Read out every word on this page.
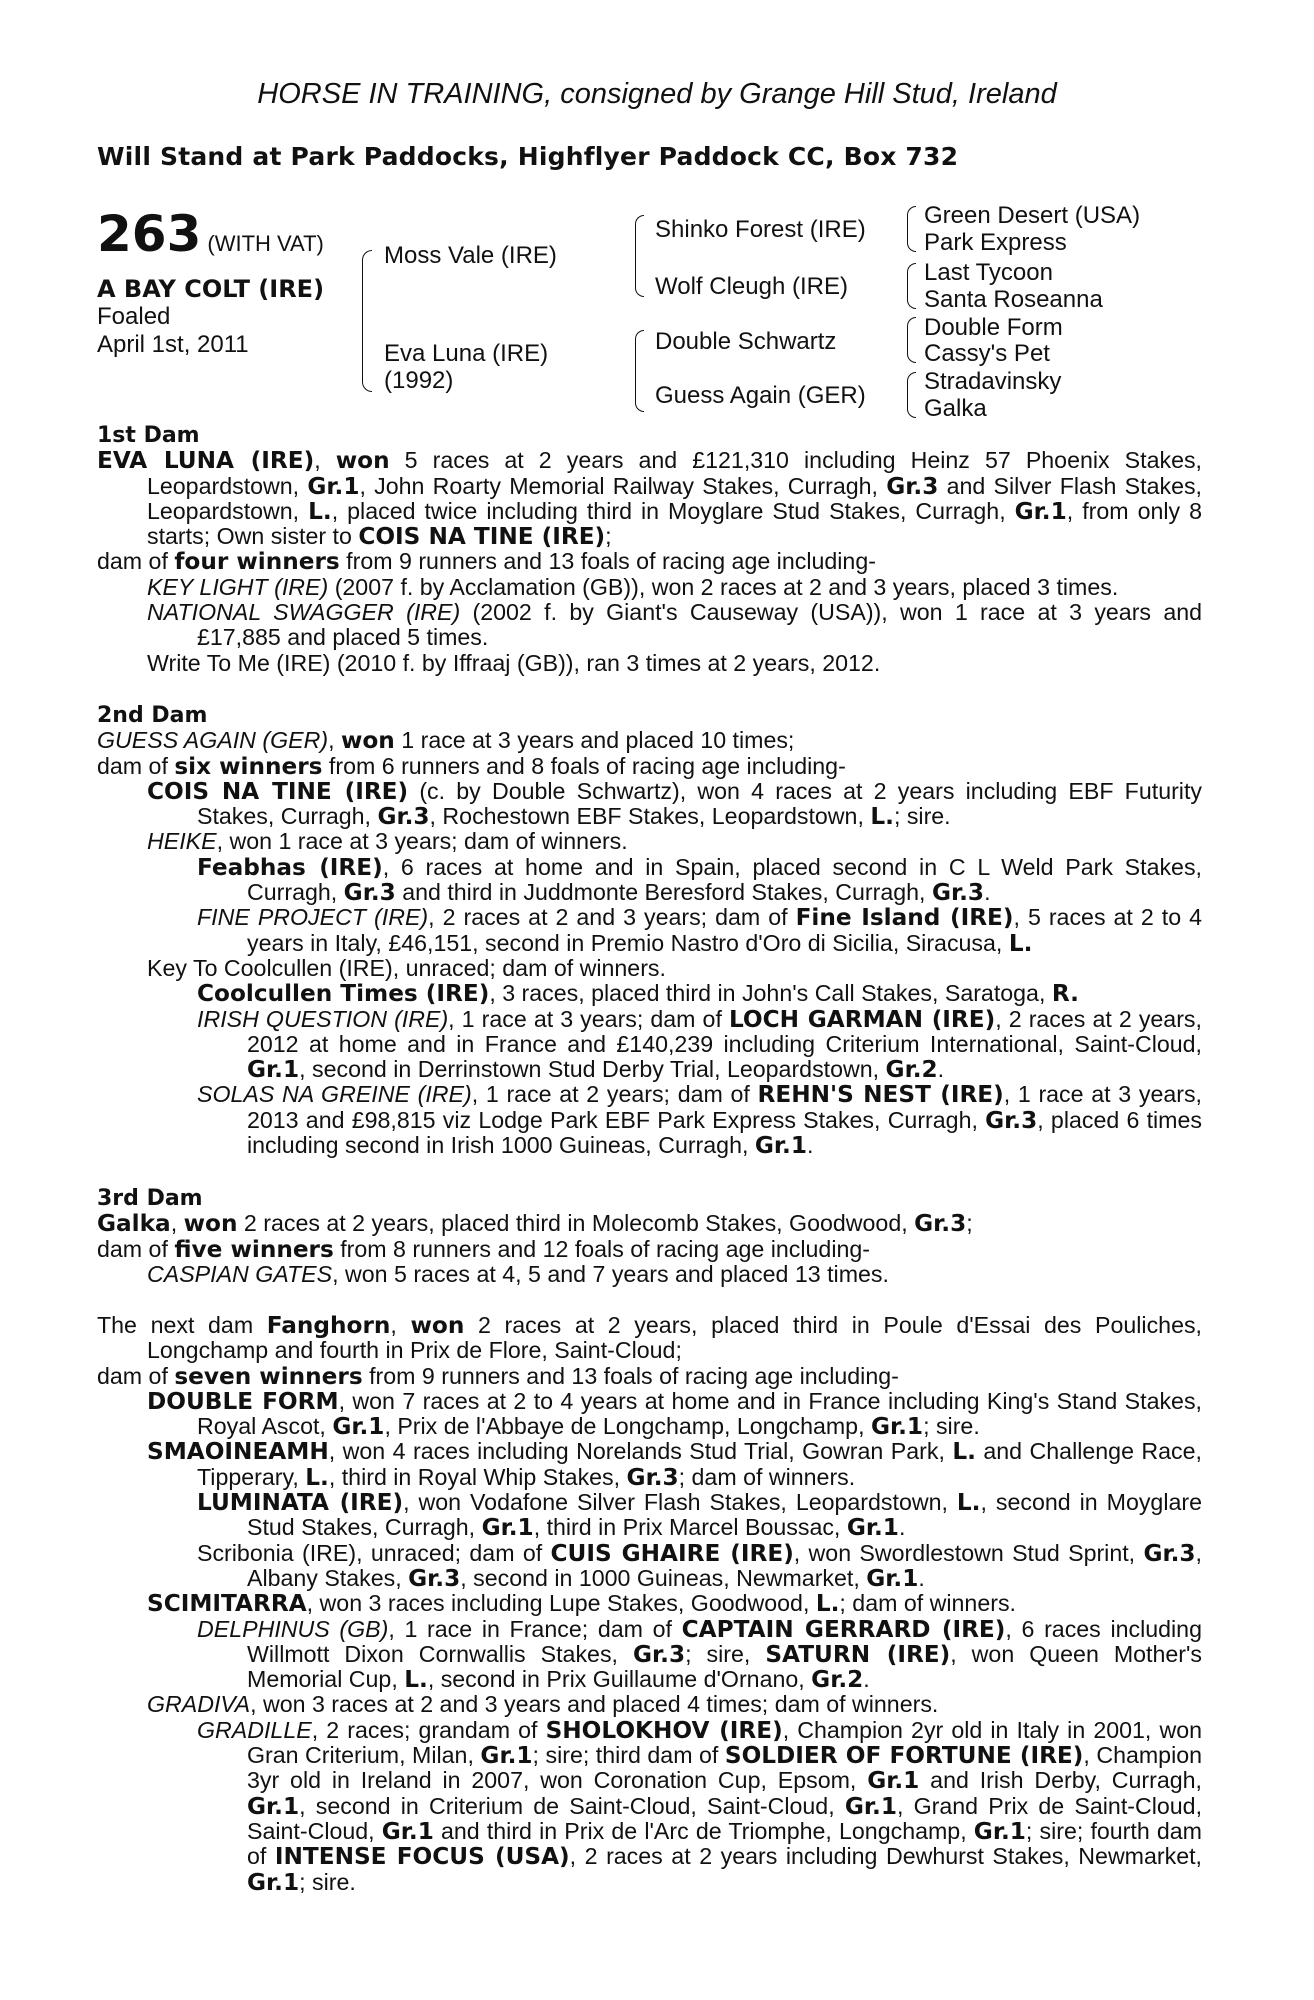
HORSE IN TRAINING, consigned by Grange Hill Stud, Ireland
Will Stand at Park Paddocks, Highflyer Paddock CC, Box 732
263 (WITH VAT)
A BAY COLT (IRE)
Foaled
April 1st, 2011
Moss Vale (IRE)
Eva Luna (IRE)
(1992)
Shinko Forest (IRE)
Wolf Cleugh (IRE)
Double Schwartz
Guess Again (GER)
Green Desert (USA)
Park Express
Last Tycoon
Santa Roseanna
Double Form
Cassy's Pet
Stradavinsky
Galka

1st Dam

EVA LUNA (IRE), won 5 races at 2 years and £121,310 including Heinz 57 Phoenix Stakes, Leopardstown, Gr.1, John Roarty Memorial Railway Stakes, Curragh, Gr.3 and Silver Flash Stakes, Leopardstown, L., placed twice including third in Moyglare Stud Stakes, Curragh, Gr.1, from only 8 starts; Own sister to COIS NA TINE (IRE);

dam of four winners from 9 runners and 13 foals of racing age including-

KEY LIGHT (IRE) (2007 f. by Acclamation (GB)), won 2 races at 2 and 3 years, placed 3 times.

NATIONAL SWAGGER (IRE) (2002 f. by Giant's Causeway (USA)), won 1 race at 3 years and £17,885 and placed 5 times.

Write To Me (IRE) (2010 f. by Iffraaj (GB)), ran 3 times at 2 years, 2012.

2nd Dam

GUESS AGAIN (GER), won 1 race at 3 years and placed 10 times;

dam of six winners from 6 runners and 8 foals of racing age including-

COIS NA TINE (IRE) (c. by Double Schwartz), won 4 races at 2 years including EBF Futurity Stakes, Curragh, Gr.3, Rochestown EBF Stakes, Leopardstown, L.; sire.

HEIKE, won 1 race at 3 years; dam of winners.

Feabhas (IRE), 6 races at home and in Spain, placed second in C L Weld Park Stakes, Curragh, Gr.3 and third in Juddmonte Beresford Stakes, Curragh, Gr.3.

FINE PROJECT (IRE), 2 races at 2 and 3 years; dam of Fine Island (IRE), 5 races at 2 to 4 years in Italy, £46,151, second in Premio Nastro d'Oro di Sicilia, Siracusa, L.

Key To Coolcullen (IRE), unraced; dam of winners.

Coolcullen Times (IRE), 3 races, placed third in John's Call Stakes, Saratoga, R.

IRISH QUESTION (IRE), 1 race at 3 years; dam of LOCH GARMAN (IRE), 2 races at 2 years, 2012 at home and in France and £140,239 including Criterium International, Saint-Cloud, Gr.1, second in Derrinstown Stud Derby Trial, Leopardstown, Gr.2.

SOLAS NA GREINE (IRE), 1 race at 2 years; dam of REHN'S NEST (IRE), 1 race at 3 years, 2013 and £98,815 viz Lodge Park EBF Park Express Stakes, Curragh, Gr.3, placed 6 times including second in Irish 1000 Guineas, Curragh, Gr.1.

3rd Dam

Galka, won 2 races at 2 years, placed third in Molecomb Stakes, Goodwood, Gr.3;

dam of five winners from 8 runners and 12 foals of racing age including-

CASPIAN GATES, won 5 races at 4, 5 and 7 years and placed 13 times.

The next dam Fanghorn, won 2 races at 2 years, placed third in Poule d'Essai des Pouliches, Longchamp and fourth in Prix de Flore, Saint-Cloud;

dam of seven winners from 9 runners and 13 foals of racing age including-

DOUBLE FORM, won 7 races at 2 to 4 years at home and in France including King's Stand Stakes, Royal Ascot, Gr.1, Prix de l'Abbaye de Longchamp, Longchamp, Gr.1; sire.

SMAOINEAMH, won 4 races including Norelands Stud Trial, Gowran Park, L. and Challenge Race, Tipperary, L., third in Royal Whip Stakes, Gr.3; dam of winners.

LUMINATA (IRE), won Vodafone Silver Flash Stakes, Leopardstown, L., second in Moyglare Stud Stakes, Curragh, Gr.1, third in Prix Marcel Boussac, Gr.1.

Scribonia (IRE), unraced; dam of CUIS GHAIRE (IRE), won Swordlestown Stud Sprint, Gr.3, Albany Stakes, Gr.3, second in 1000 Guineas, Newmarket, Gr.1.

SCIMITARRA, won 3 races including Lupe Stakes, Goodwood, L.; dam of winners.

DELPHINUS (GB), 1 race in France; dam of CAPTAIN GERRARD (IRE), 6 races including Willmott Dixon Cornwallis Stakes, Gr.3; sire, SATURN (IRE), won Queen Mother's Memorial Cup, L., second in Prix Guillaume d'Ornano, Gr.2.

GRADIVA, won 3 races at 2 and 3 years and placed 4 times; dam of winners.

GRADILLE, 2 races; grandam of SHOLOKHOV (IRE), Champion 2yr old in Italy in 2001, won Gran Criterium, Milan, Gr.1; sire; third dam of SOLDIER OF FORTUNE (IRE), Champion 3yr old in Ireland in 2007, won Coronation Cup, Epsom, Gr.1 and Irish Derby, Curragh, Gr.1, second in Criterium de Saint-Cloud, Saint-Cloud, Gr.1, Grand Prix de Saint-Cloud, Saint-Cloud, Gr.1 and third in Prix de l'Arc de Triomphe, Longchamp, Gr.1; sire; fourth dam of INTENSE FOCUS (USA), 2 races at 2 years including Dewhurst Stakes, Newmarket, Gr.1; sire.
